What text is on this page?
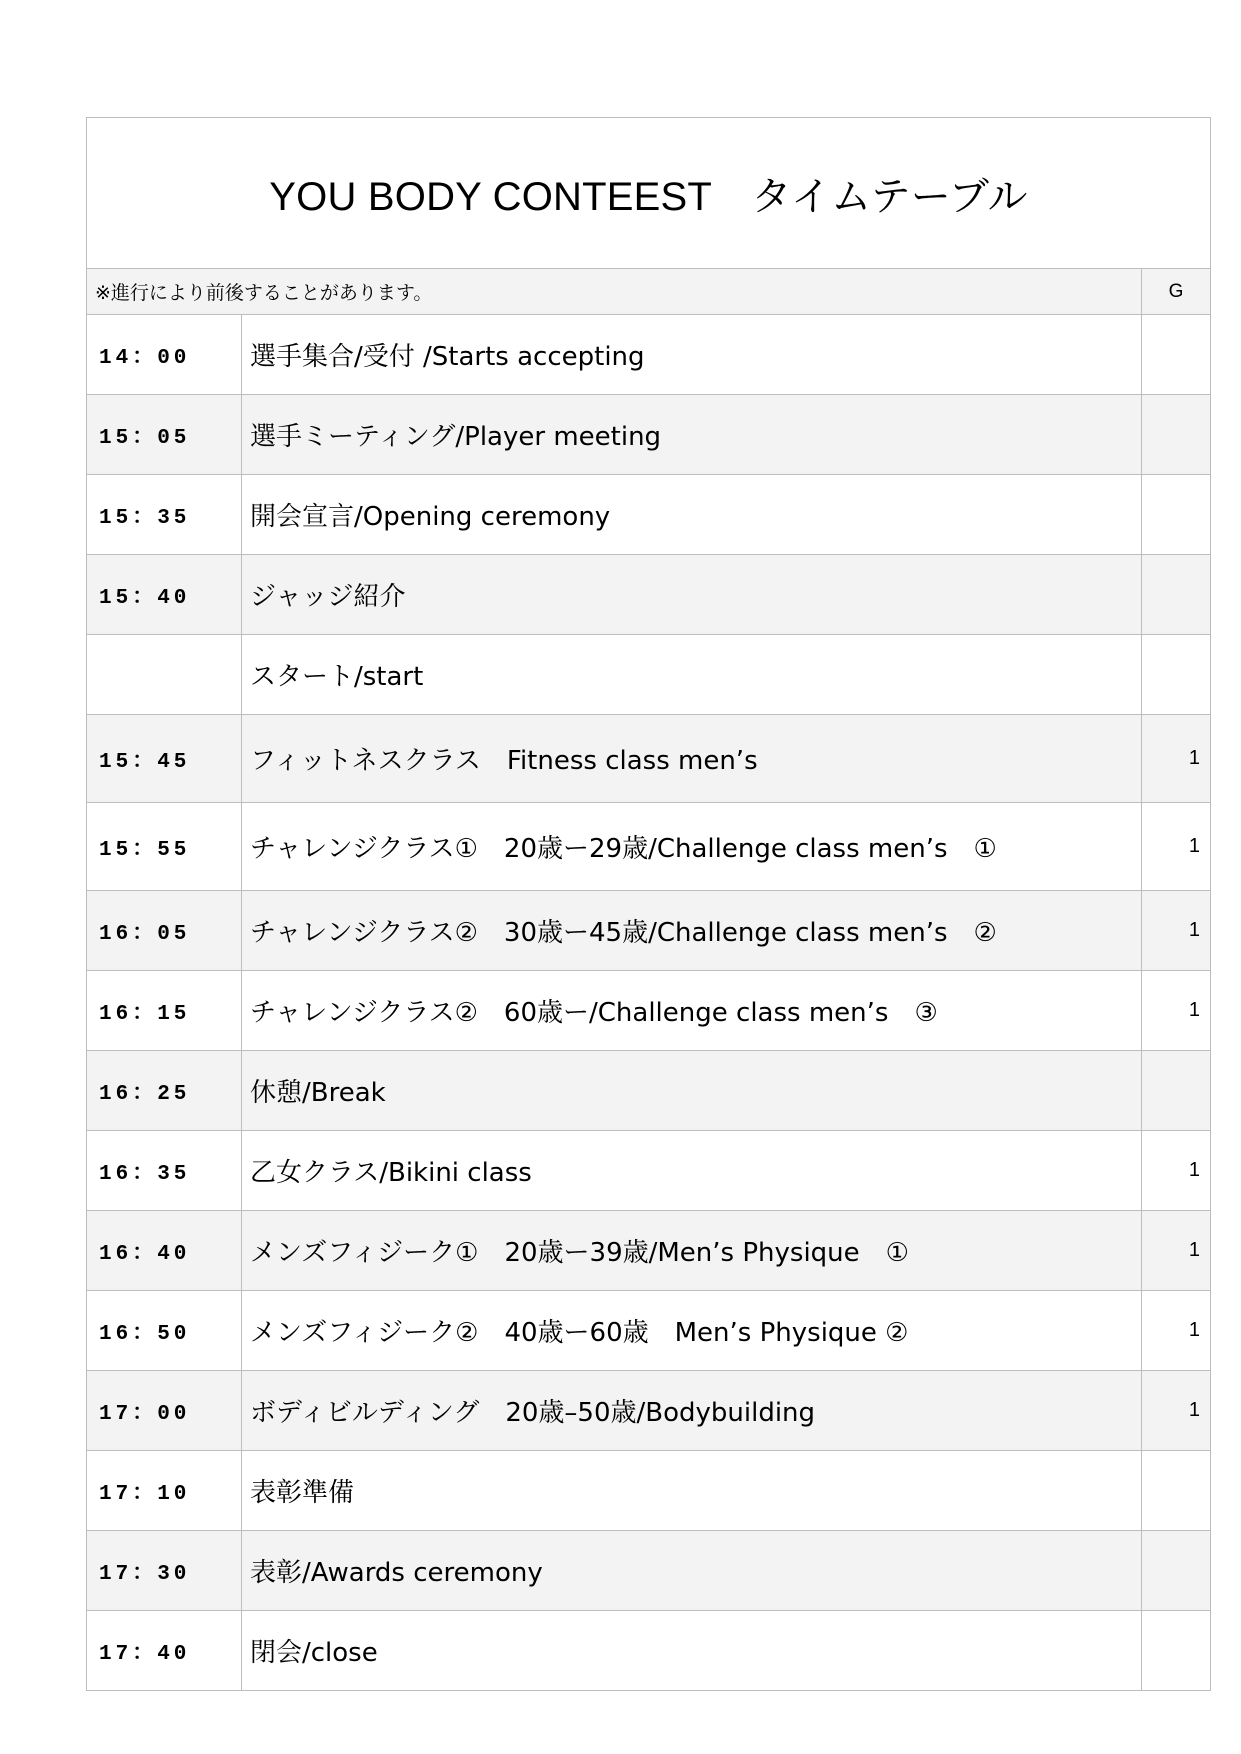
YOU BODY CONTEEST　タイムテーブル		
※進行により前後することがあります。		G
14：00	選手集合/受付 /Starts accepting	
15：05	選手ミーティング/Player meeting	
15：35	開会宣言/Opening ceremony	
15：40	ジャッジ紹介	
	スタート/start	
15：45	フィットネスクラス　Fitness class men’s	1
15：55	チャレンジクラス①　20歳ー29歳/Challenge class men’s　①	1
16：05	チャレンジクラス②　30歳ー45歳/Challenge class men’s　②	1
16：15	チャレンジクラス②　60歳ー/Challenge class men’s　③	1
16：25	休憩/Break	
16：35	乙女クラス/Bikini class	1
16：40	メンズフィジーク①　20歳ー39歳/Men’s Physique　①	1
16：50	メンズフィジーク②　40歳ー60歳　Men’s Physique ②	1
17：00	ボディビルディング　20歳–50歳/Bodybuilding	1
17：10	表彰準備	
17：30	表彰/Awards ceremony	
17：40	閉会/close	
